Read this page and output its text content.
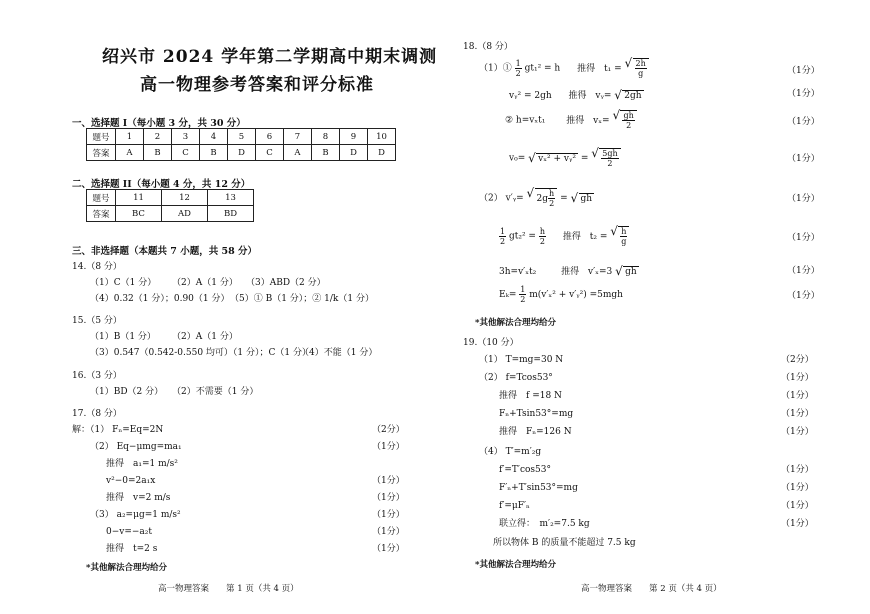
绍兴市 2024 学年第二学期高中期末调测
高一物理参考答案和评分标准
一、选择题 I（每小题 3 分，共 30 分）
题号	1	2	3	4	5	6	7	8	9	10
答案	A	B	C	B	D	C	A	B	D	D
二、选择题 II（每小题 4 分，共 12 分）
题号	11	12	13
答案	BC	AD	BD
三、非选择题（本题共 7 小题，共 58 分）
14.（8 分）
（1）C（1 分） （2）A（1 分） （3）ABD（2 分）
（4）0.32（1 分）；0.90（1 分） （5）① B（1 分）；② 1/k（1 分）
15.（5 分）
（1）B（1 分） （2）A（1 分）
（3）0.547（0.542-0.550 均可）（1 分）；C（1 分）
（4）不能（1 分）
16.（3 分）
（1）BD（2 分） （2）不需要（1 分）
17.（8 分）
解：（1） Fₙ=Eq=2N	（2分）
（2） Eq−μmg=ma₁	（1分）
推得　a₁=1 m/s²
v²−0=2a₁x	（1分）
推得　v=2 m/s	（1分）
（3） a₂=μg=1 m/s²	（1分）
0−v=−a₂t	（1分）
推得　t=2 s	（1分）
*其他解法合理均给分
高一物理答案　　第 1 页（共 4 页）
18.（8 分）
（1）① $\frac{1}{2} gt_1^2 = h$ 推得 t₁ = √ $\frac{2h}{g}$	（1分）
vᵧ² = 2gh 推得 vᵧ= √ 2gh	（1分）
② h=vₓt₁ 推得 vₓ= √ $\frac{gh}{2}$	（1分）
v₀= √ vₓ² + vᵧ² = √ $\frac{5gh}{2}$	（1分）
（2） v′ᵧ= √ $2g \frac{h}{2}$ = √ gh	（1分）
$\frac{1}{2} gt_2^2 = \frac{h}{2}$ 推得 t₂ = √ $\frac{h}{g}$	（1分）
3h=v′ₓt₂	推得 v′ₓ=3 √ gh	（1分）
$E_k= \frac{1}{2} m(v'_x^2$ + v′ᵧ²) =5mgh	（1分）
*其他解法合理均给分
19.（10 分）
（1） T=mg=30 N	（2分）
（2） f=Tcos53°	（1分）
推得　f =18 N	（1分）
Fₙ+Tsin53°=mg	（1分）
推得　Fₙ=126 N	（1分）
（4） T′=m′₂g
f′=T′cos53°	（1分）
F′ₙ+T′sin53°=mg	（1分）
f′=μF′ₙ	（1分）
联立得：　m′₂=7.5 kg	（1分）
所以物体 B 的质量不能超过 7.5 kg
*其他解法合理均给分
高一物理答案　　第 2 页（共 4 页）
